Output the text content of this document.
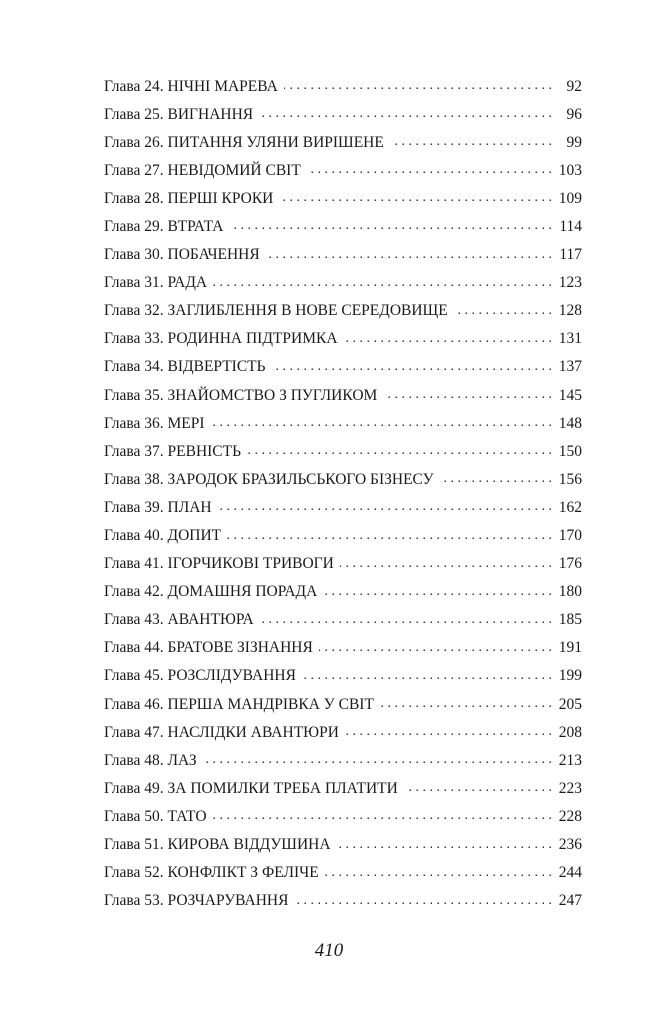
Глава 24. НІЧНІ МАРЕВА . . .	92
Глава 25. ВИГНАННЯ . . .	96
Глава 26. ПИТАННЯ УЛЯНИ ВИРІШЕНЕ . . .	99
Глава 27. НЕВІДОМИЙ СВІТ . . .	103
Глава 28. ПЕРШІ КРОКИ . . .	109
Глава 29. ВТРАТА . . .	114
Глава 30. ПОБАЧЕННЯ . . .	117
Глава 31. РАДА . . .	123
Глава 32. ЗАГЛИБЛЕННЯ В НОВЕ СЕРЕДОВИЩЕ . . .	128
Глава 33. РОДИННА ПІДТРИМКА . . .	131
Глава 34. ВІДВЕРТІСТЬ . . .	137
Глава 35. ЗНАЙОМСТВО З ПУГЛИКОМ . . .	145
Глава 36. МЕРІ . . .	148
Глава 37. РЕВНІСТЬ . . .	150
Глава 38. ЗАРОДОК БРАЗИЛЬСЬКОГО БІЗНЕСУ . . .	156
Глава 39. ПЛАН . . .	162
Глава 40. ДОПИТ . . .	170
Глава 41. ІГОРЧИКОВІ ТРИВОГИ . . .	176
Глава 42. ДОМАШНЯ ПОРАДА . . .	180
Глава 43. АВАНТЮРА . . .	185
Глава 44. БРАТОВЕ ЗІЗНАННЯ . . .	191
Глава 45. РОЗСЛІДУВАННЯ . . .	199
Глава 46. ПЕРША МАНДРІВКА У СВІТ . . .	205
Глава 47. НАСЛІДКИ АВАНТЮРИ . . .	208
Глава 48. ЛАЗ . . .	213
Глава 49. ЗА ПОМИЛКИ ТРЕБА ПЛАТИТИ . . .	223
Глава 50. ТАТО . . .	228
Глава 51. КИРОВА ВІДДУШИНА . . .	236
Глава 52. КОНФЛІКТ З ФЕЛІЧЕ . . .	244
Глава 53. РОЗЧАРУВАННЯ . . .	247
410
